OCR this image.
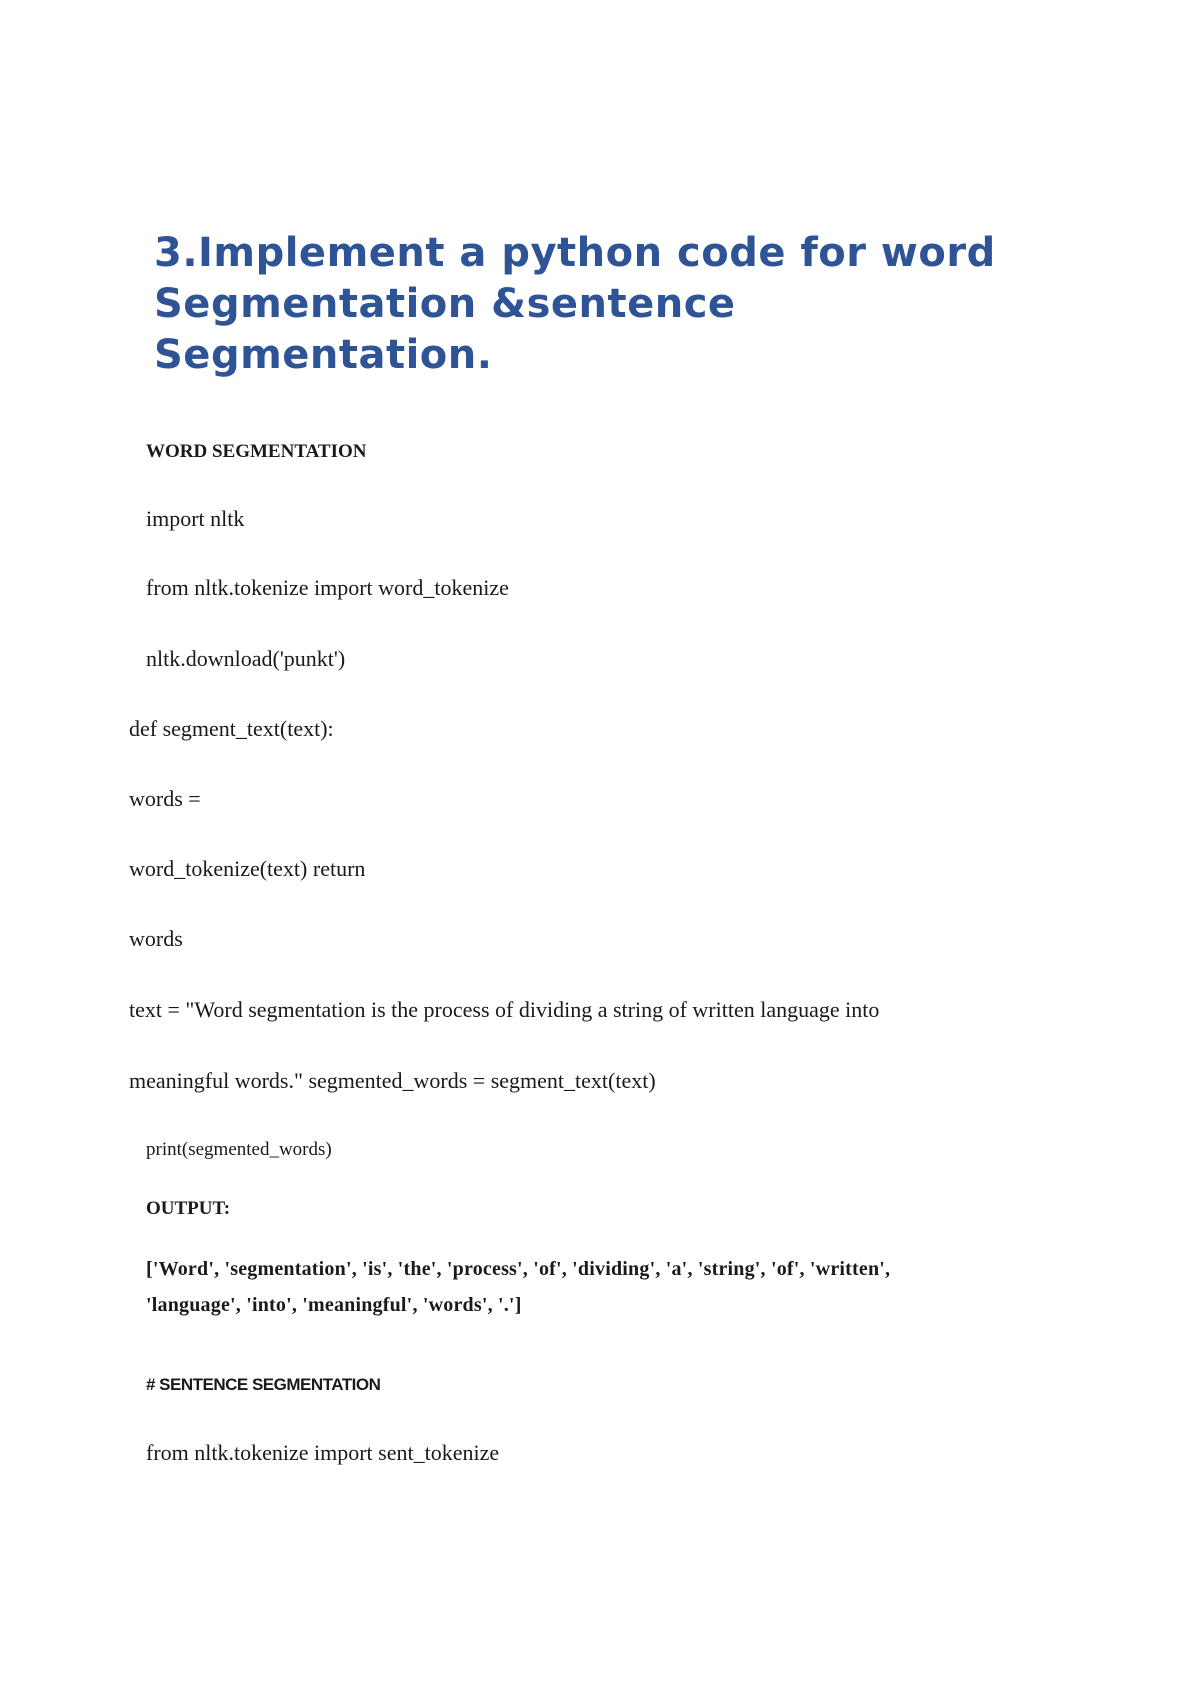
3.Implement a python code for word
Segmentation &sentence
Segmentation.
WORD SEGMENTATION
import nltk
from nltk.tokenize import word_tokenize
nltk.download('punkt')
def segment_text(text):
words =
word_tokenize(text) return
words
text = "Word segmentation is the process of dividing a string of written language into
meaningful words." segmented_words = segment_text(text)
print(segmented_words)
OUTPUT:
['Word', 'segmentation', 'is', 'the', 'process', 'of', 'dividing', 'a', 'string', 'of', 'written',
'language', 'into', 'meaningful', 'words', '.']
# SENTENCE SEGMENTATION
from nltk.tokenize import sent_tokenize
